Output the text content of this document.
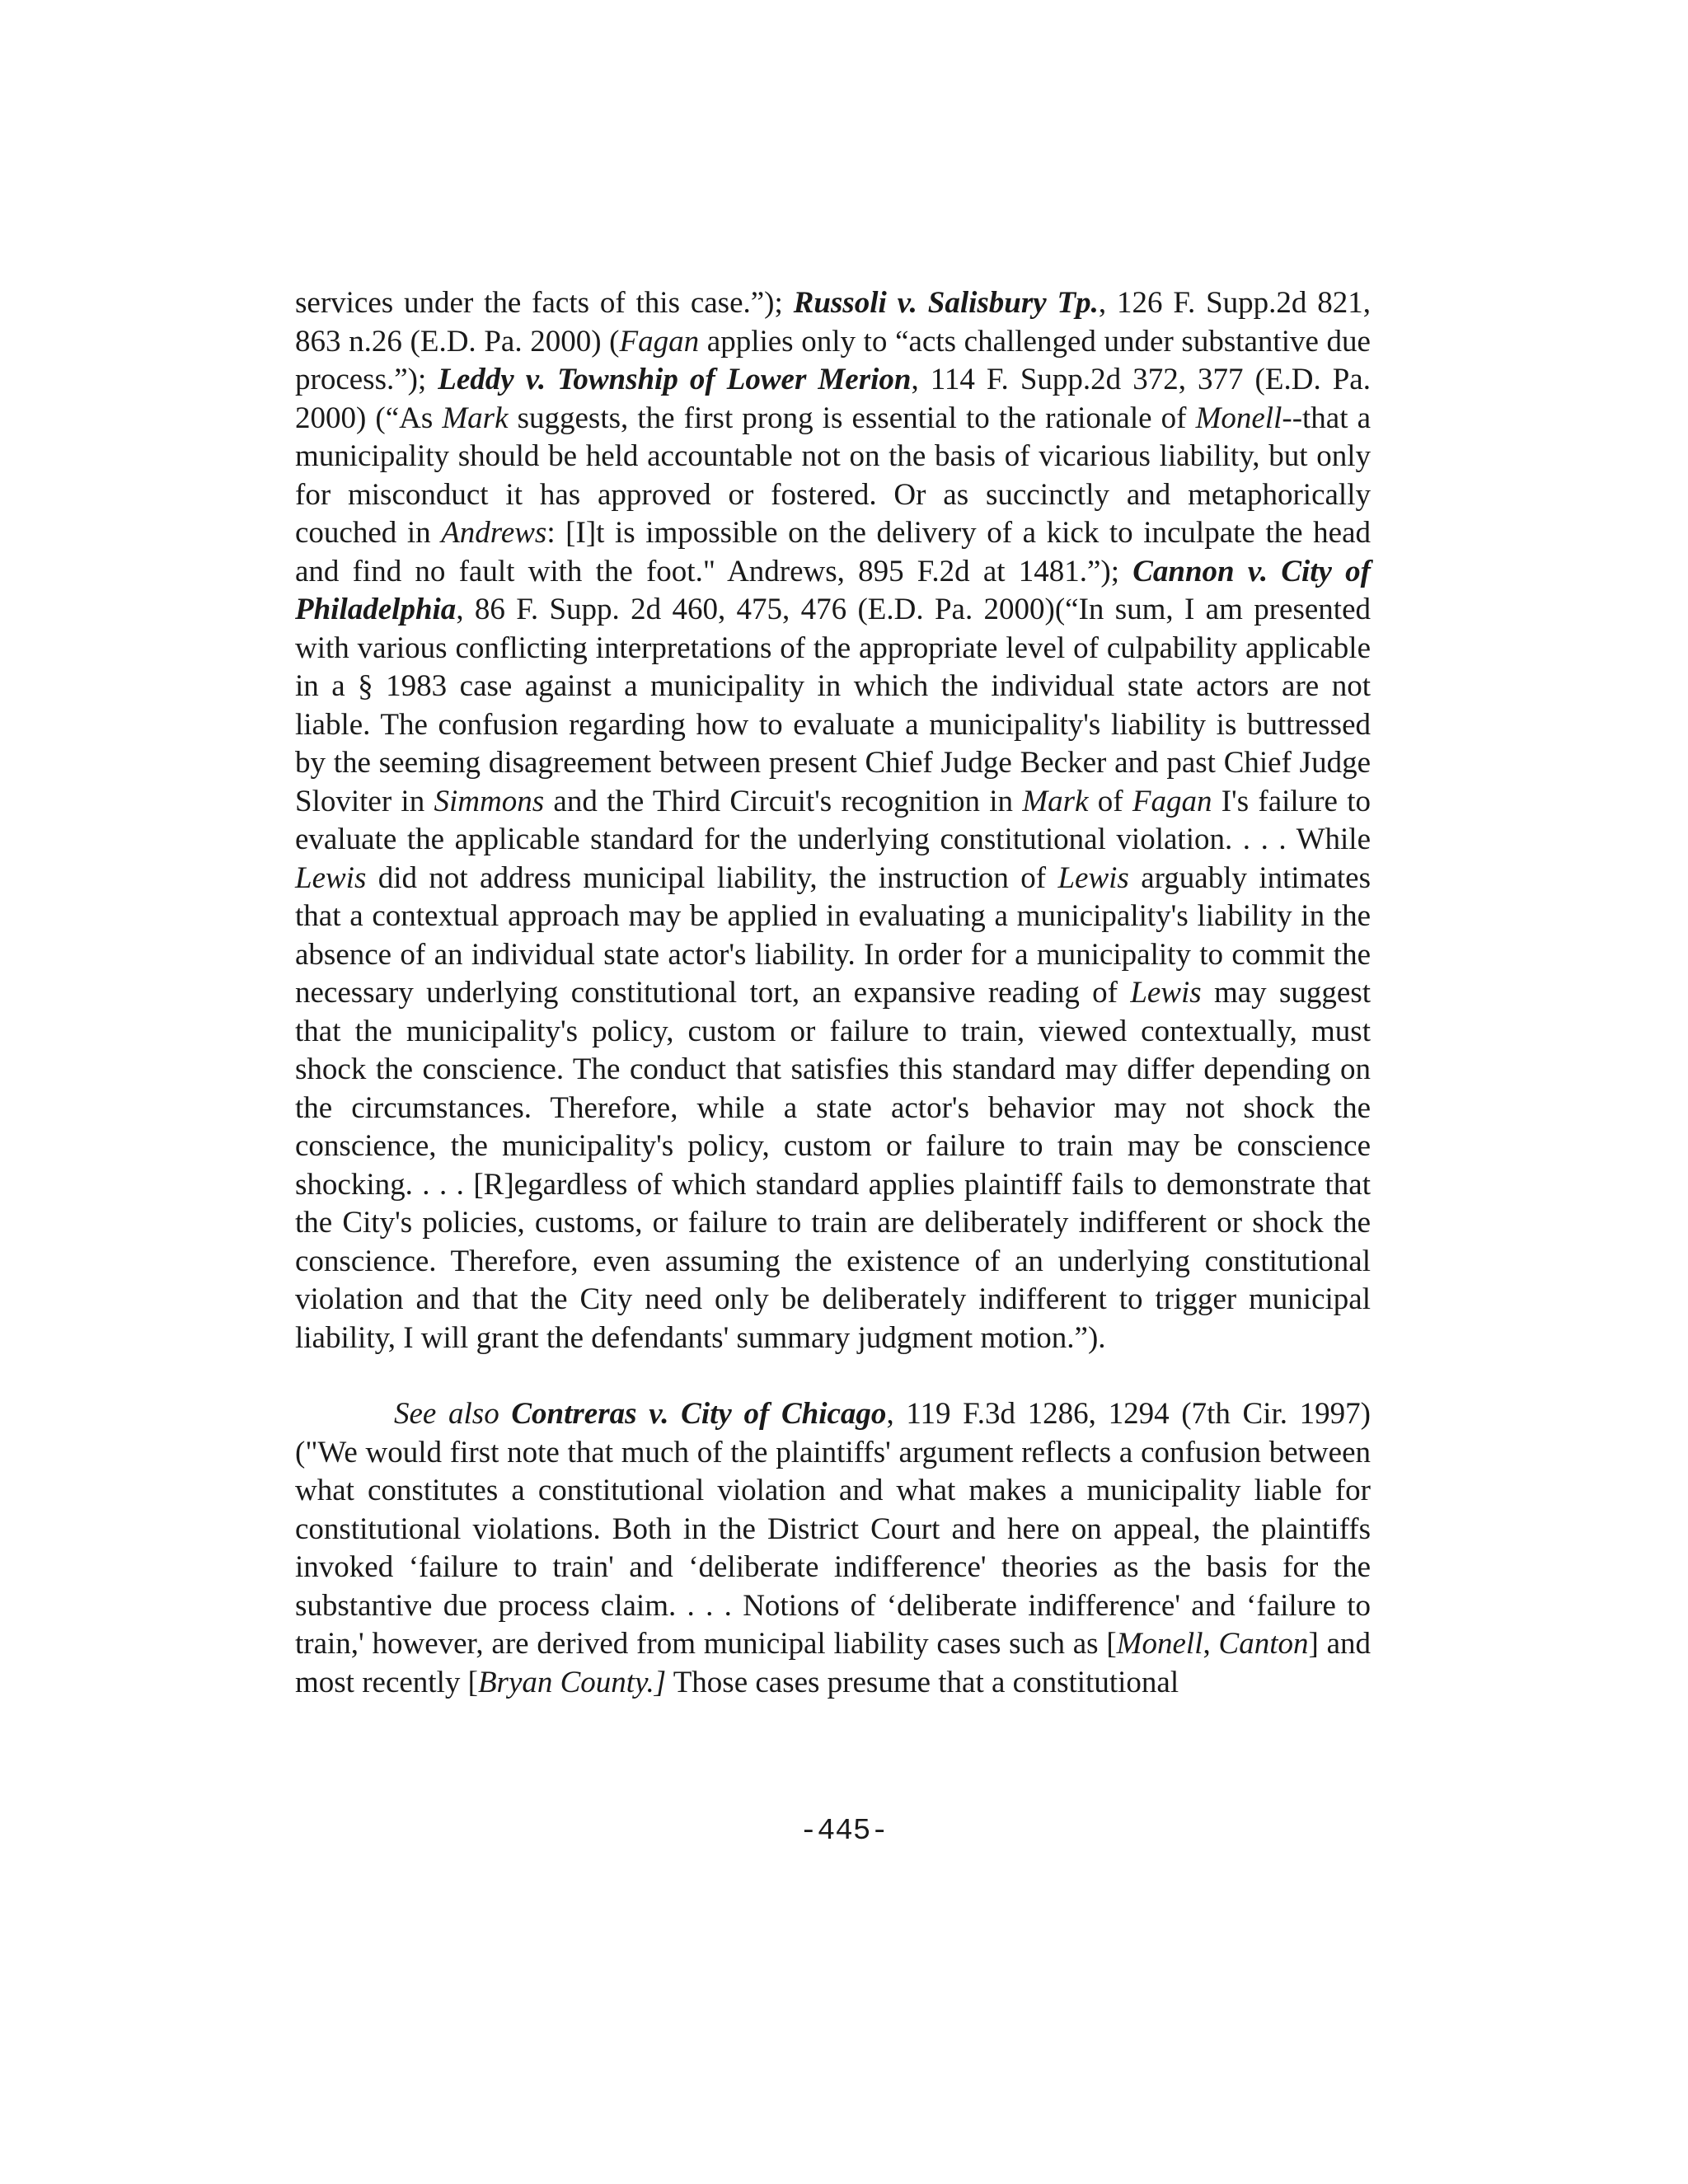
services under the facts of this case.”); Russoli v. Salisbury Tp., 126 F. Supp.2d 821, 863 n.26 (E.D. Pa. 2000) (Fagan applies only to “acts challenged under substantive due process.”); Leddy v. Township of Lower Merion, 114 F. Supp.2d 372, 377 (E.D. Pa. 2000) (“As Mark suggests, the first prong is essential to the rationale of Monell--that a municipality should be held accountable not on the basis of vicarious liability, but only for misconduct it has approved or fostered. Or as succinctly and metaphorically couched in Andrews: [I]t is impossible on the delivery of a kick to inculpate the head and find no fault with the foot." Andrews, 895 F.2d at 1481.”); Cannon v. City of Philadelphia, 86 F. Supp. 2d 460, 475, 476 (E.D. Pa. 2000)(“In sum, I am presented with various conflicting interpretations of the appropriate level of culpability applicable in a § 1983 case against a municipality in which the individual state actors are not liable. The confusion regarding how to evaluate a municipality's liability is buttressed by the seeming disagreement between present Chief Judge Becker and past Chief Judge Sloviter in Simmons and the Third Circuit's recognition in Mark of Fagan I's failure to evaluate the applicable standard for the underlying constitutional violation. . . . While Lewis did not address municipal liability, the instruction of Lewis arguably intimates that a contextual approach may be applied in evaluating a municipality's liability in the absence of an individual state actor's liability. In order for a municipality to commit the necessary underlying constitutional tort, an expansive reading of Lewis may suggest that the municipality's policy, custom or failure to train, viewed contextually, must shock the conscience. The conduct that satisfies this standard may differ depending on the circumstances. Therefore, while a state actor's behavior may not shock the conscience, the municipality's policy, custom or failure to train may be conscience shocking. . . . [R]egardless of which standard applies plaintiff fails to demonstrate that the City's policies, customs, or failure to train are deliberately indifferent or shock the conscience. Therefore, even assuming the existence of an underlying constitutional violation and that the City need only be deliberately indifferent to trigger municipal liability, I will grant the defendants' summary judgment motion.”).

See also Contreras v. City of Chicago, 119 F.3d 1286, 1294 (7th Cir. 1997) ("We would first note that much of the plaintiffs' argument reflects a confusion between what constitutes a constitutional violation and what makes a municipality liable for constitutional violations. Both in the District Court and here on appeal, the plaintiffs invoked ‘failure to train' and ‘deliberate indifference' theories as the basis for the substantive due process claim. . . . Notions of ‘deliberate indifference' and ‘failure to train,' however, are derived from municipal liability cases such as [Monell, Canton] and most recently [Bryan County.] Those cases presume that a constitutional

-445-
